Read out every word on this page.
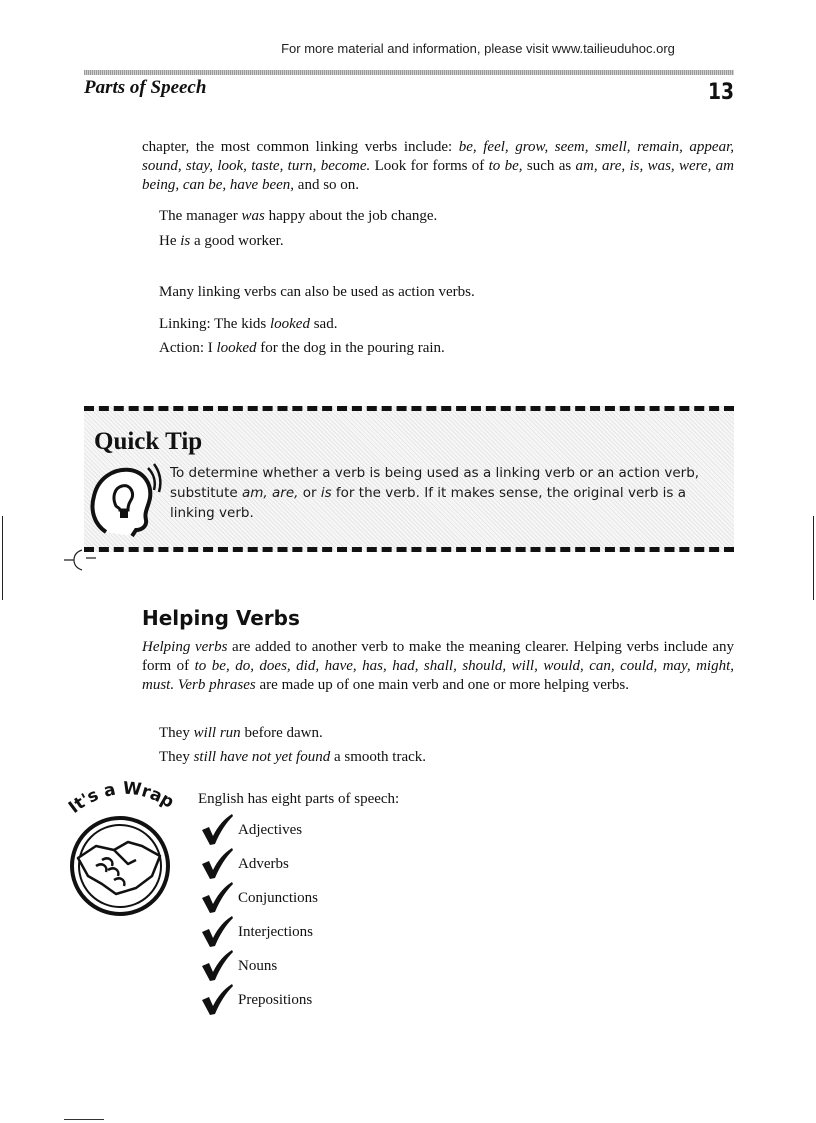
For more material and information, please visit www.tailieuduhoc.org
Parts of Speech	13
chapter, the most common linking verbs include: be, feel, grow, seem, smell, remain, appear, sound, stay, look, taste, turn, become. Look for forms of to be, such as am, are, is, was, were, am being, can be, have been, and so on.
The manager was happy about the job change.
He is a good worker.
Many linking verbs can also be used as action verbs.
Linking: The kids looked sad.
Action: I looked for the dog in the pouring rain.
Quick Tip
To determine whether a verb is being used as a linking verb or an action verb, substitute am, are, or is for the verb. If it makes sense, the original verb is a linking verb.
Helping Verbs
Helping verbs are added to another verb to make the meaning clearer. Helping verbs include any form of to be, do, does, did, have, has, had, shall, should, will, would, can, could, may, might, must. Verb phrases are made up of one main verb and one or more helping verbs.
They will run before dawn.
They still have not yet found a smooth track.
It's a Wrap English has eight parts of speech:
Adjectives
Adverbs
Conjunctions
Interjections
Nouns
Prepositions
